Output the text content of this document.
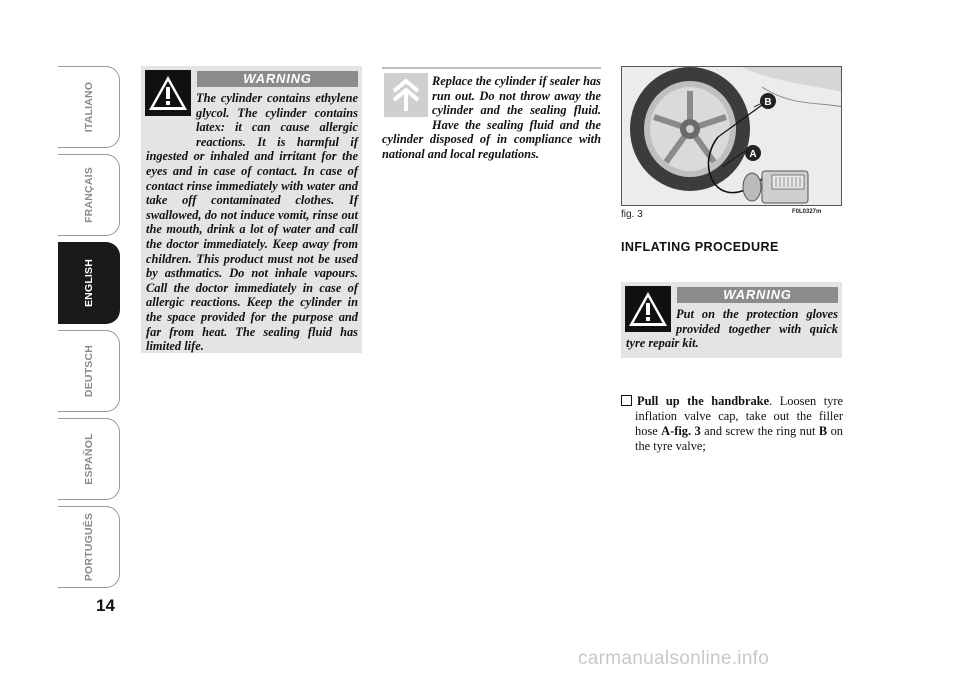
ITALIANO
FRANÇAIS
ENGLISH
DEUTSCH
ESPAÑOL
PORTUGUÊS
14
WARNING

The cylinder contains ethylene glycol. The cylinder contains latex: it can cause allergic reactions. It is harmful if ingested or inhaled and irritant for the eyes and in case of contact. In case of contact rinse immediately with water and take off contaminated clothes. If swallowed, do not induce vomit, rinse out the mouth, drink a lot of water and call the doctor immediately. Keep away from children. This product must not be used by asthmatics. Do not inhale vapours. Call the doctor immediately in case of allergic reactions. Keep the cylinder in the space provided for the purpose and far from heat. The sealing fluid has limited life.

Replace the cylinder if sealer has run out. Do not throw away the cylinder and the sealing fluid. Have the sealing fluid and the cylinder disposed of in compliance with national and local regulations.	A
B
fig. 3	F0L0327m
INFLATING PROCEDURE
WARNING

Put on the protection gloves provided together with quick tyre repair kit.

Pull up the handbrake. Loosen tyre inflation valve cap, take out the filler hose A-fig. 3 and screw the ring nut B on the tyre valve;

carmanualsonline.info
